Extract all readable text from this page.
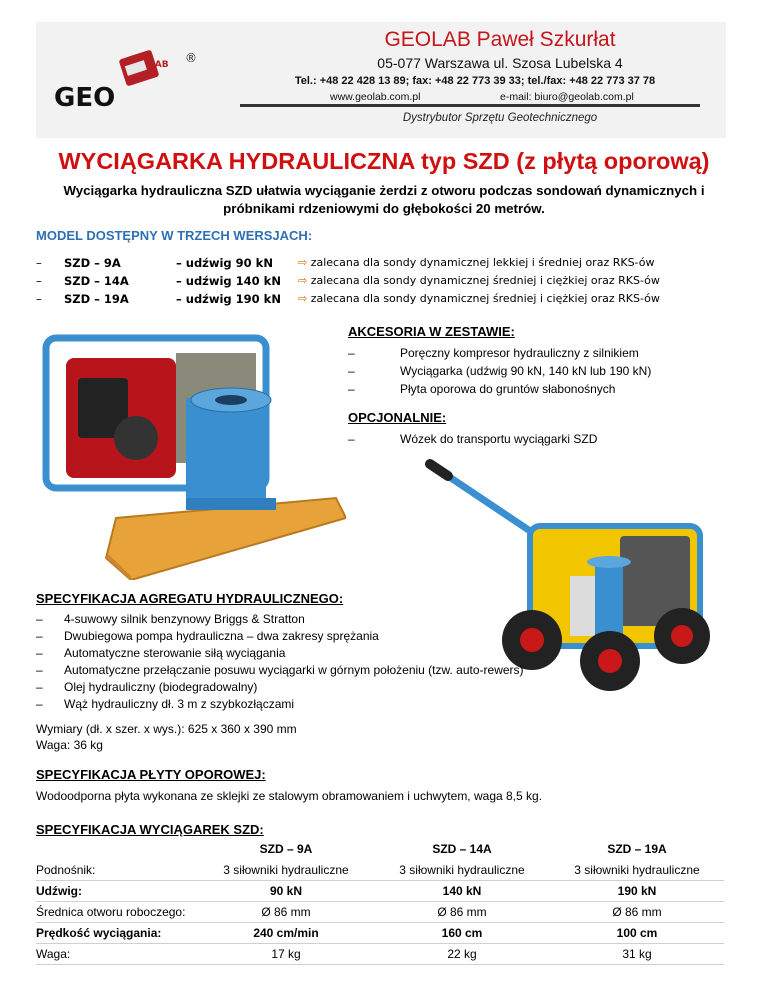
LAB
GEO
®
GEOLAB Paweł Szkurłat
05-077 Warszawa ul. Szosa Lubelska 4
Tel.: +48 22 428 13 89; fax: +48 22 773 39 33; tel./fax: +48 22 773 37 78
www.geolab.com.pl	e-mail: biuro@geolab.com.pl
Dystrybutor Sprzętu Geotechnicznego
WYCIĄGARKA HYDRAULICZNA typ SZD (z płytą oporową)
Wyciągarka hydrauliczna SZD ułatwia wyciąganie żerdzi z otworu podczas sondowań dynamicznych i próbnikami rdzeniowymi do głębokości 20 metrów.
MODEL DOSTĘPNY W TRZECH WERSJACH:
– SZD – 9A	– udźwig 90 kN ⇨ zalecana dla sondy dynamicznej lekkiej i średniej oraz RKS-ów
– SZD – 14A	– udźwig 140 kN ⇨ zalecana dla sondy dynamicznej średniej i ciężkiej oraz RKS-ów
– SZD – 19A	– udźwig 190 kN ⇨ zalecana dla sondy dynamicznej średniej i ciężkiej oraz RKS-ów
AKCESORIA W ZESTAWIE:
–	Poręczny kompresor hydrauliczny z silnikiem
–	Wyciągarka (udźwig 90 kN, 140 kN lub 190 kN)
–	Płyta oporowa do gruntów słabonośnych
OPCJONALNIE:
–	Wózek do transportu wyciągarki SZD
SPECYFIKACJA AGREGATU HYDRAULICZNEGO:
– 4-suwowy silnik benzynowy Briggs & Stratton
– Dwubiegowa pompa hydrauliczna – dwa zakresy sprężania
– Automatyczne sterowanie siłą wyciągania
– Automatyczne przełączanie posuwu wyciągarki w górnym położeniu (tzw. auto-rewers)
– Olej hydrauliczny (biodegradowalny)
– Wąż hydrauliczny dł. 3 m z szybkozłączami
Wymiary (dł. x szer. x wys.): 625 x 360 x 390 mm
Waga: 36 kg
SPECYFIKACJA PŁYTY OPOROWEJ:
Wodoodporna płyta wykonana ze sklejki ze stalowym obramowaniem i uchwytem, waga 8,5 kg.
SPECYFIKACJA WYCIĄGAREK SZD:
	SZD – 9A	SZD – 14A	SZD – 19A
Podnośnik:	3 siłowniki hydrauliczne	3 siłowniki hydrauliczne	3 siłowniki hydrauliczne
Udźwig:	90 kN	140 kN	190 kN
Średnica otworu roboczego:	Ø 86 mm	Ø 86 mm	Ø 86 mm
Prędkość wyciągania:	240 cm/min	160 cm	100 cm
Waga:	17 kg	22 kg	31 kg
